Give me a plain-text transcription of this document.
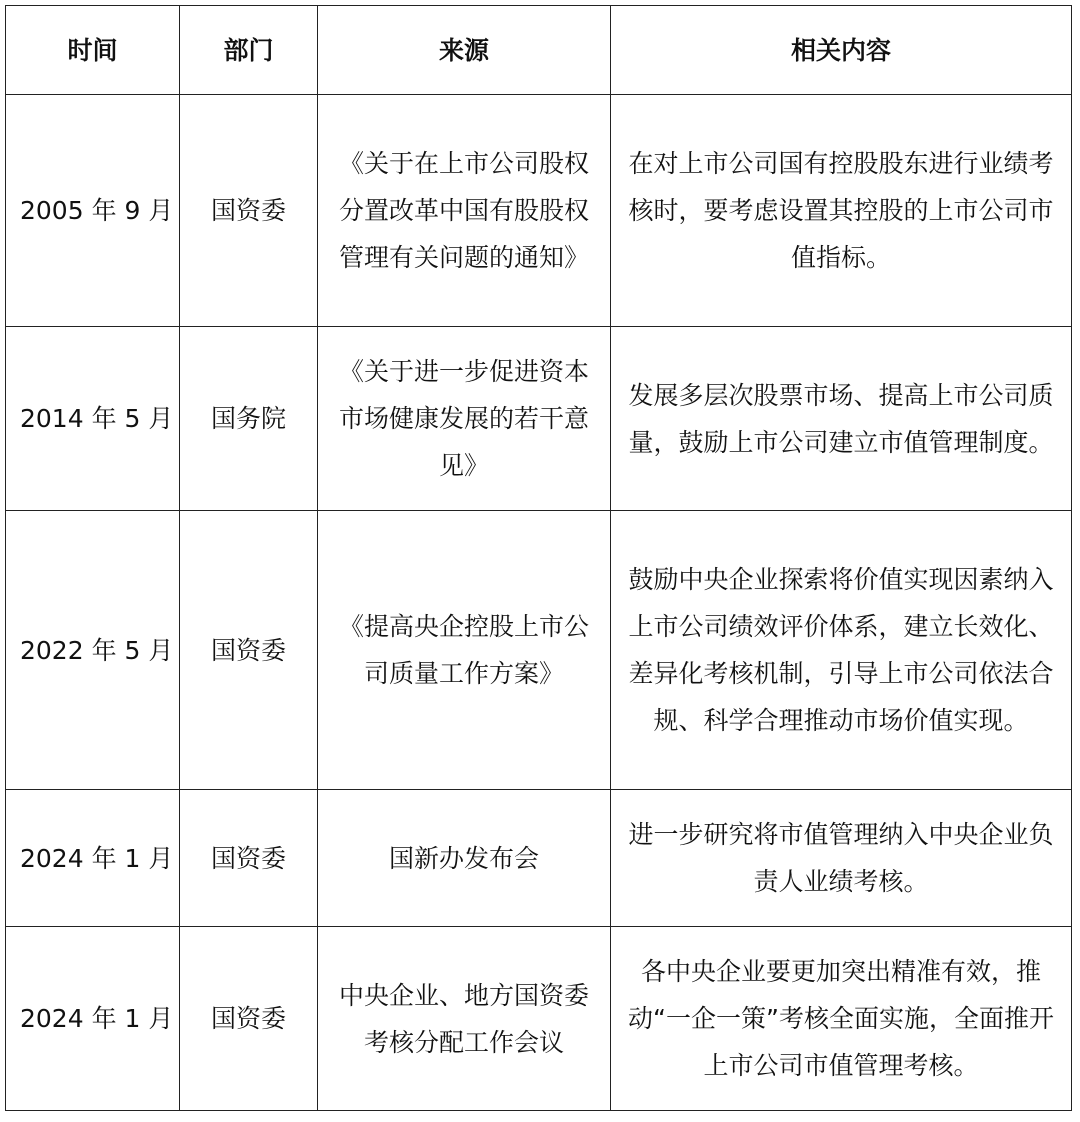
时间	部门	来源	相关内容
2005 年 9 月	国资委	《关于在上市公司股权分置改革中国有股股权管理有关问题的通知》	在对上市公司国有控股股东进行业绩考核时，要考虑设置其控股的上市公司市值指标。
2014 年 5 月	国务院	《关于进一步促进资本市场健康发展的若干意见》	发展多层次股票市场、提高上市公司质量，鼓励上市公司建立市值管理制度。
2022 年 5 月	国资委	《提高央企控股上市公司质量工作方案》	鼓励中央企业探索将价值实现因素纳入上市公司绩效评价体系，建立长效化、差异化考核机制，引导上市公司依法合规、科学合理推动市场价值实现。
2024 年 1 月	国资委	国新办发布会	进一步研究将市值管理纳入中央企业负责人业绩考核。
2024 年 1 月	国资委	中央企业、地方国资委考核分配工作会议	各中央企业要更加突出精准有效，推动“一企一策”考核全面实施，全面推开上市公司市值管理考核。
